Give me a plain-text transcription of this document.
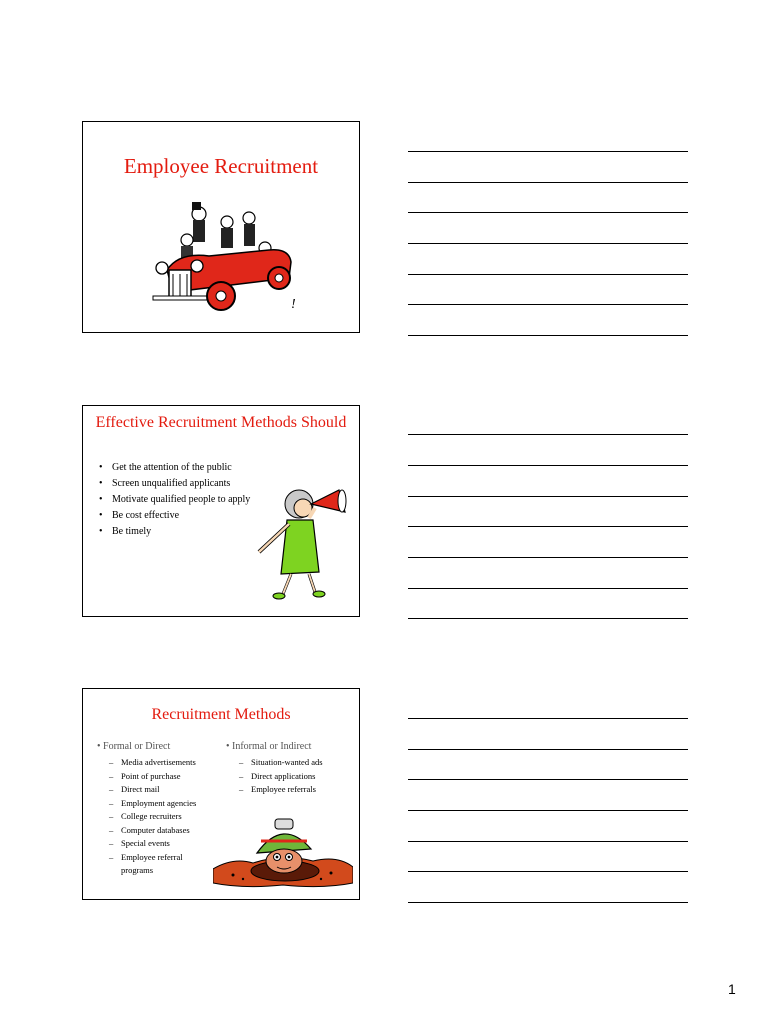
Employee Recruitment
!
Effective Recruitment Methods Should
• Get the attention of the public
• Screen unqualified applicants
• Motivate qualified people to apply
• Be cost effective
• Be timely
Recruitment Methods
• Formal or Direct
•	Informal or Indirect
– Media advertisements
– Point of purchase
– Direct mail
– Employment agencies
– College recruiters
– Computer databases
– Special events
– Employee referral programs
– Situation-wanted ads
– Direct applications
– Employee referrals
1
